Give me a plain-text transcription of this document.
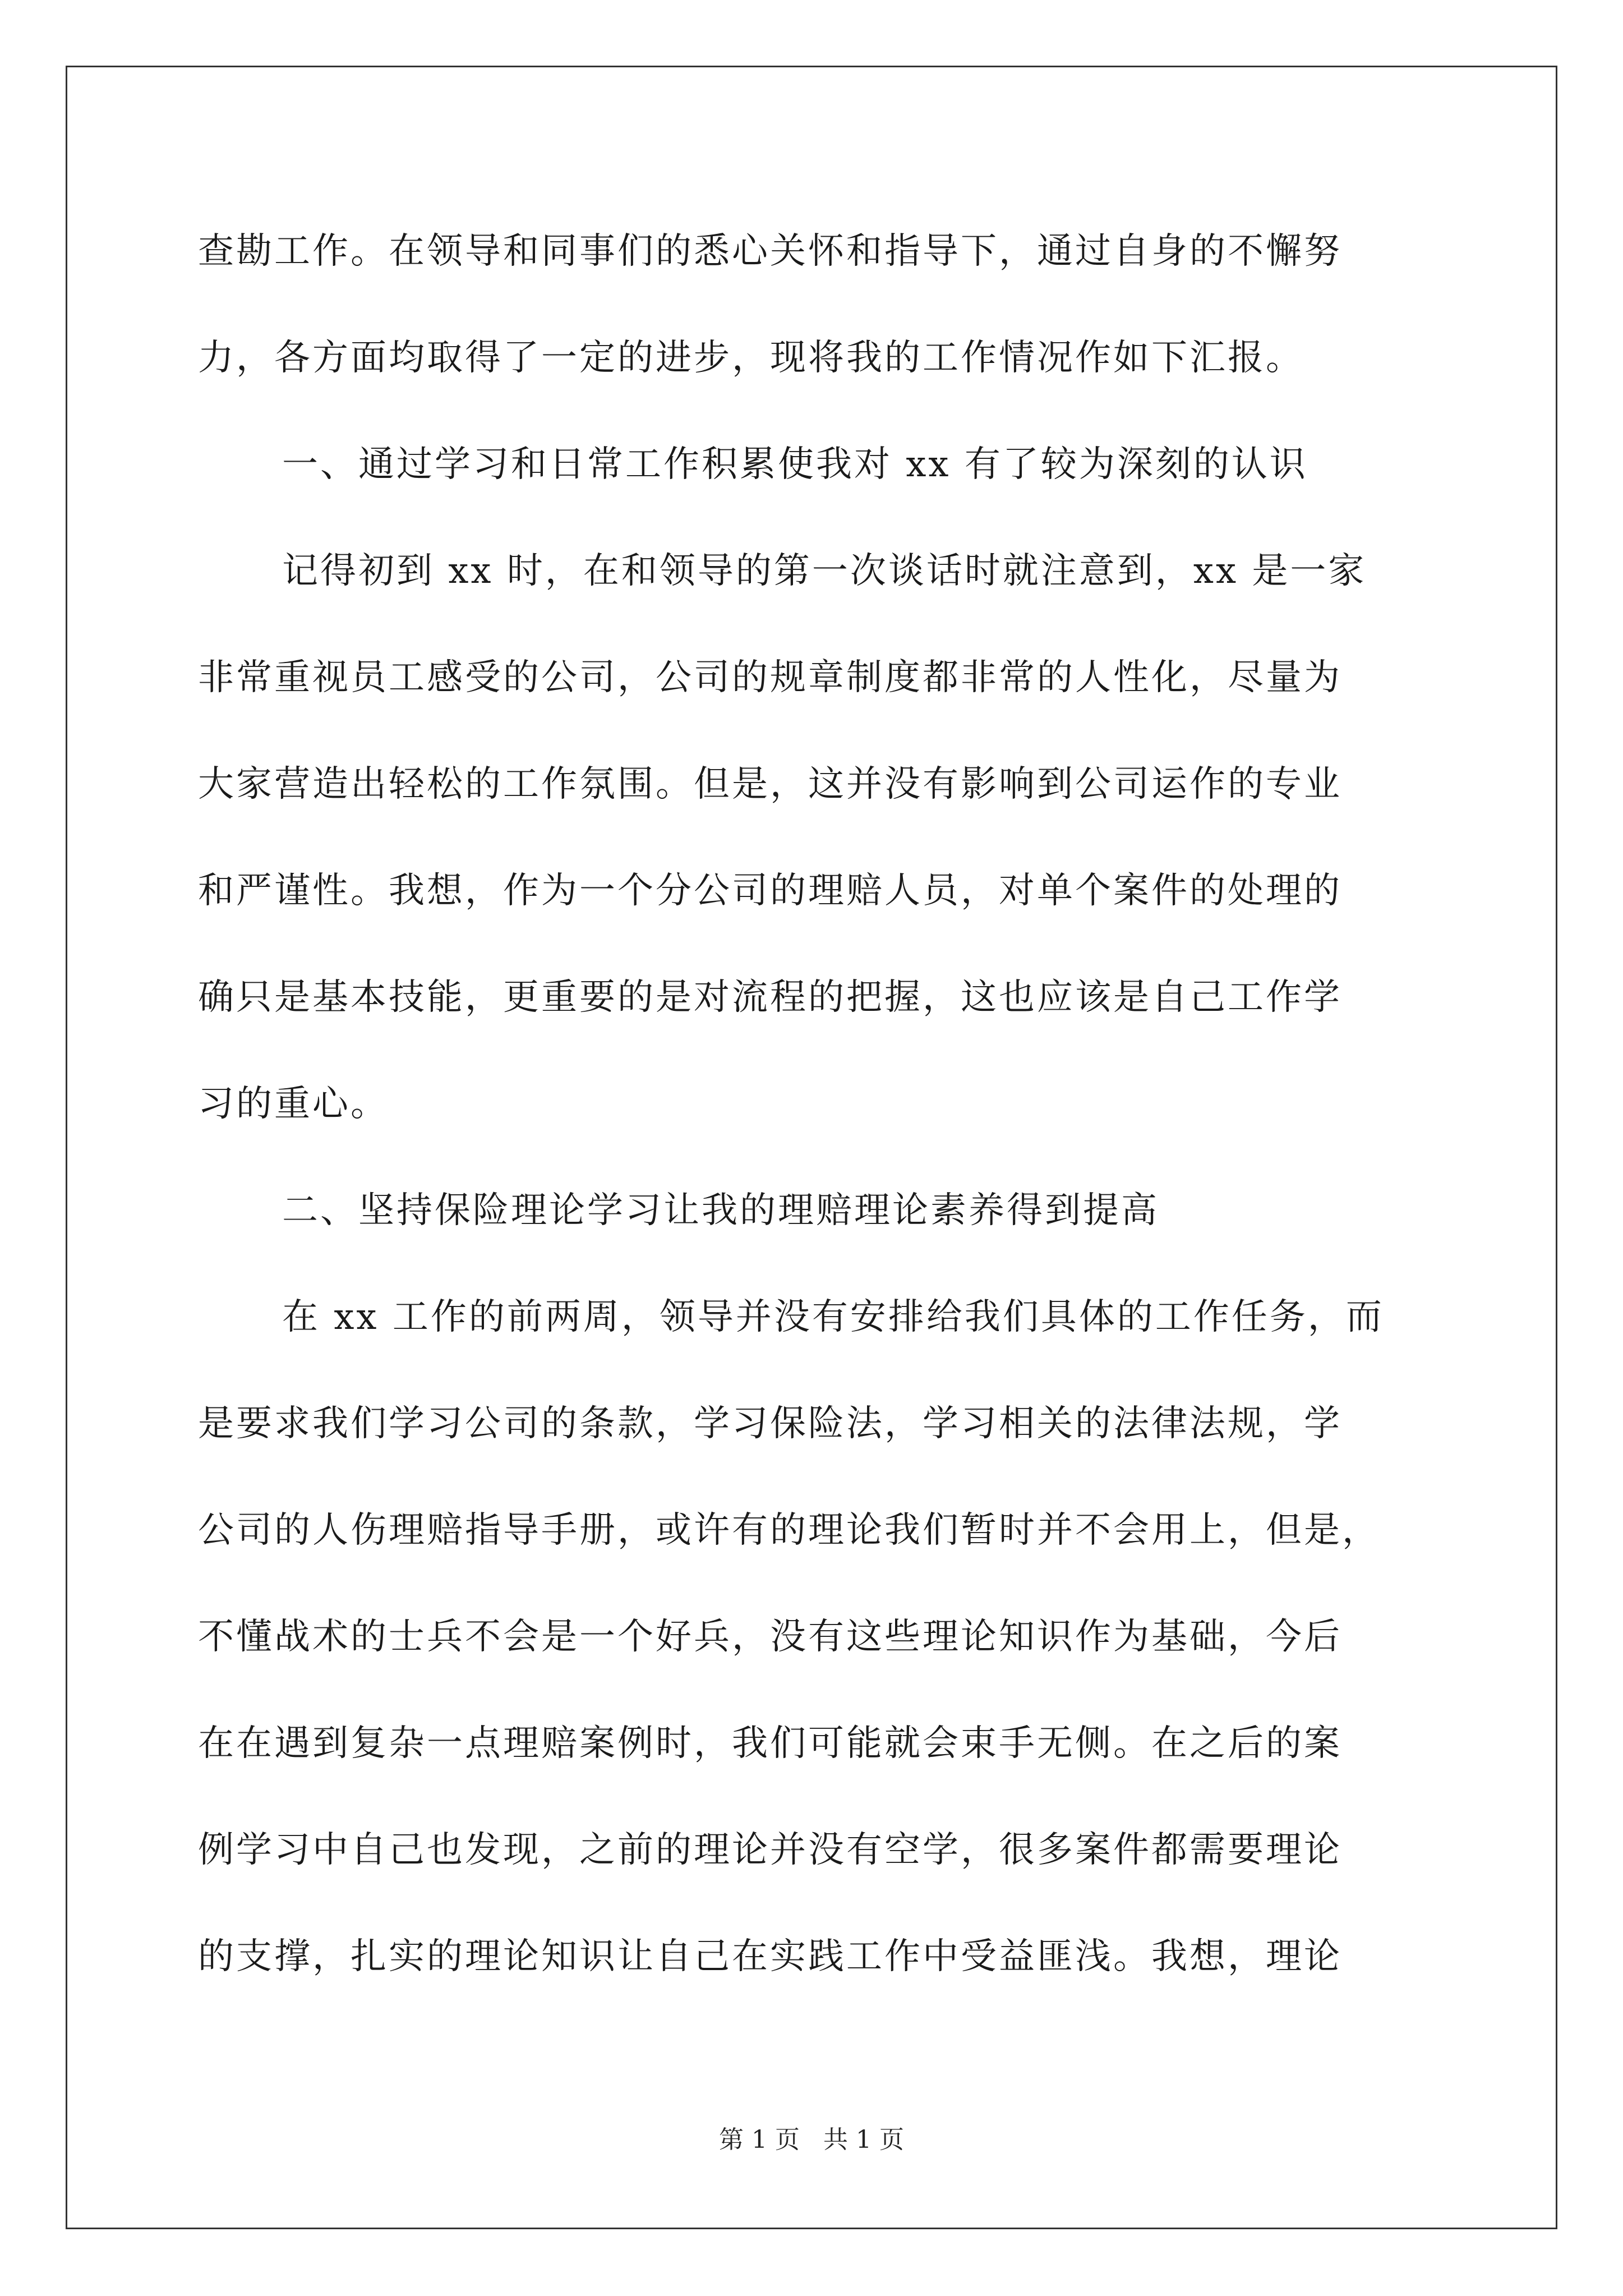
查勘工作。在领导和同事们的悉心关怀和指导下，通过自身的不懈努
力，各方面均取得了一定的进步，现将我的工作情况作如下汇报。
一、通过学习和日常工作积累使我对 xx 有了较为深刻的认识
记得初到 xx 时，在和领导的第一次谈话时就注意到，xx 是一家
非常重视员工感受的公司，公司的规章制度都非常的人性化，尽量为
大家营造出轻松的工作氛围。但是，这并没有影响到公司运作的专业
和严谨性。我想，作为一个分公司的理赔人员，对单个案件的处理的
确只是基本技能，更重要的是对流程的把握，这也应该是自己工作学
习的重心。
二、坚持保险理论学习让我的理赔理论素养得到提高
在 xx 工作的前两周，领导并没有安排给我们具体的工作任务，而
是要求我们学习公司的条款，学习保险法，学习相关的法律法规，学
公司的人伤理赔指导手册，或许有的理论我们暂时并不会用上，但是，
不懂战术的士兵不会是一个好兵，没有这些理论知识作为基础，今后
在在遇到复杂一点理赔案例时，我们可能就会束手无侧。在之后的案
例学习中自己也发现，之前的理论并没有空学，很多案件都需要理论
的支撑，扎实的理论知识让自己在实践工作中受益匪浅。我想，理论
第 1 页 共 1 页
